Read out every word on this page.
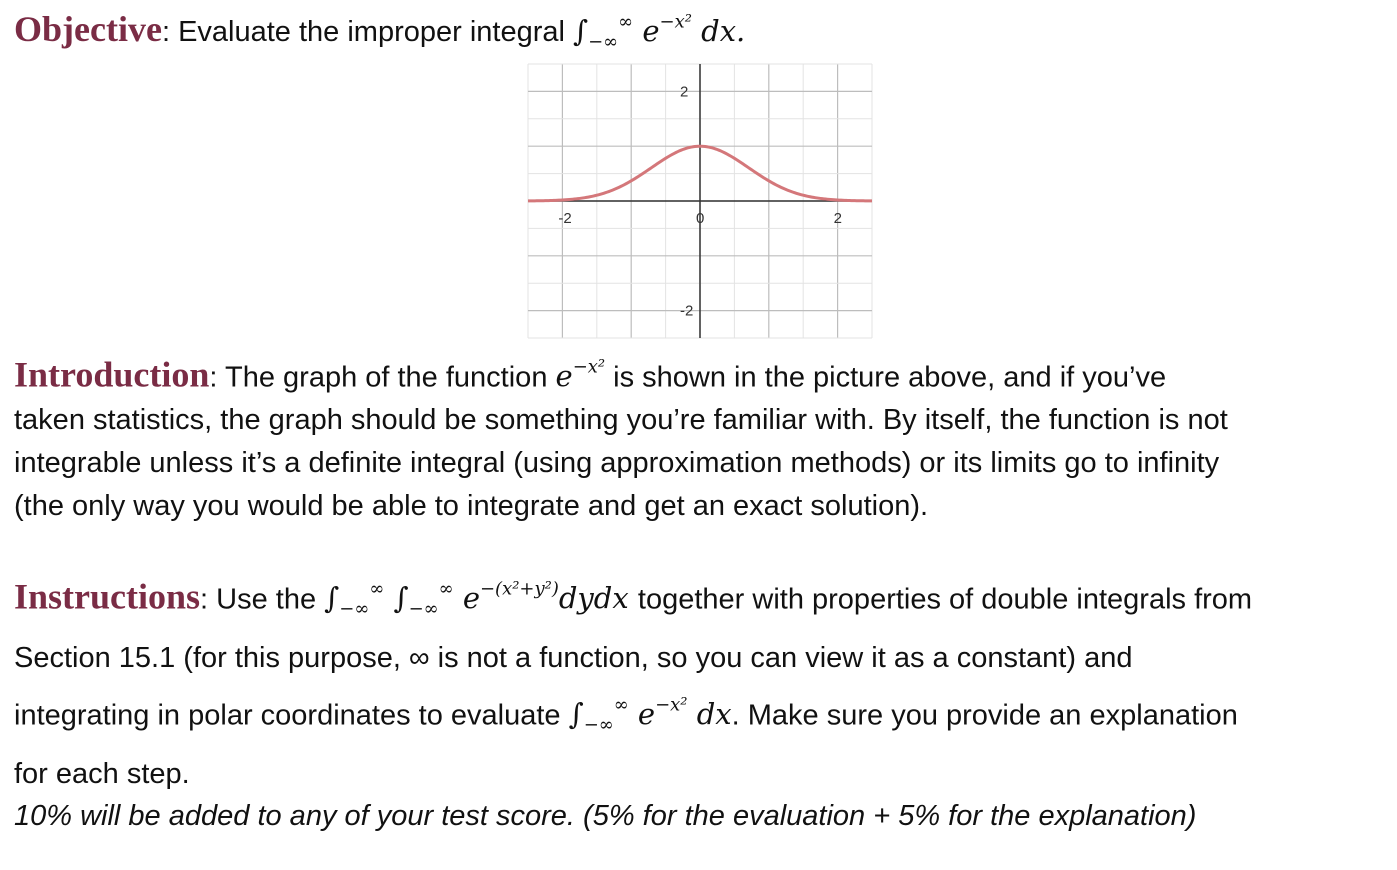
Objective: Evaluate the improper integral $\int_{-\infty}^\infty$ $e^{-x^2}$ dx.
-2	0	2
2
-2
Introduction: The graph of the function $e^{-x^2}$ is shown in the picture above, and if you’ve
taken statistics, the graph should be something you’re familiar with. By itself, the function is not
integrable unless it’s a definite integral (using approximation methods) or its limits go to infinity
(the only way you would be able to integrate and get an exact solution).
Instructions: Use the $\int_{-\infty}^\infty$ $\int_{-\infty}^\infty$ $e^{-(x^2+y^2)}dydx$ together with properties of double integrals from
Section 15.1 (for this purpose, ∞ is not a function, so you can view it as a constant) and
integrating in polar coordinates to evaluate $\int_{-\infty}^\infty$ $e^{-x^2}$ dx. Make sure you provide an explanation
for each step.
10% will be added to any of your test score. (5% for the evaluation + 5% for the explanation)
